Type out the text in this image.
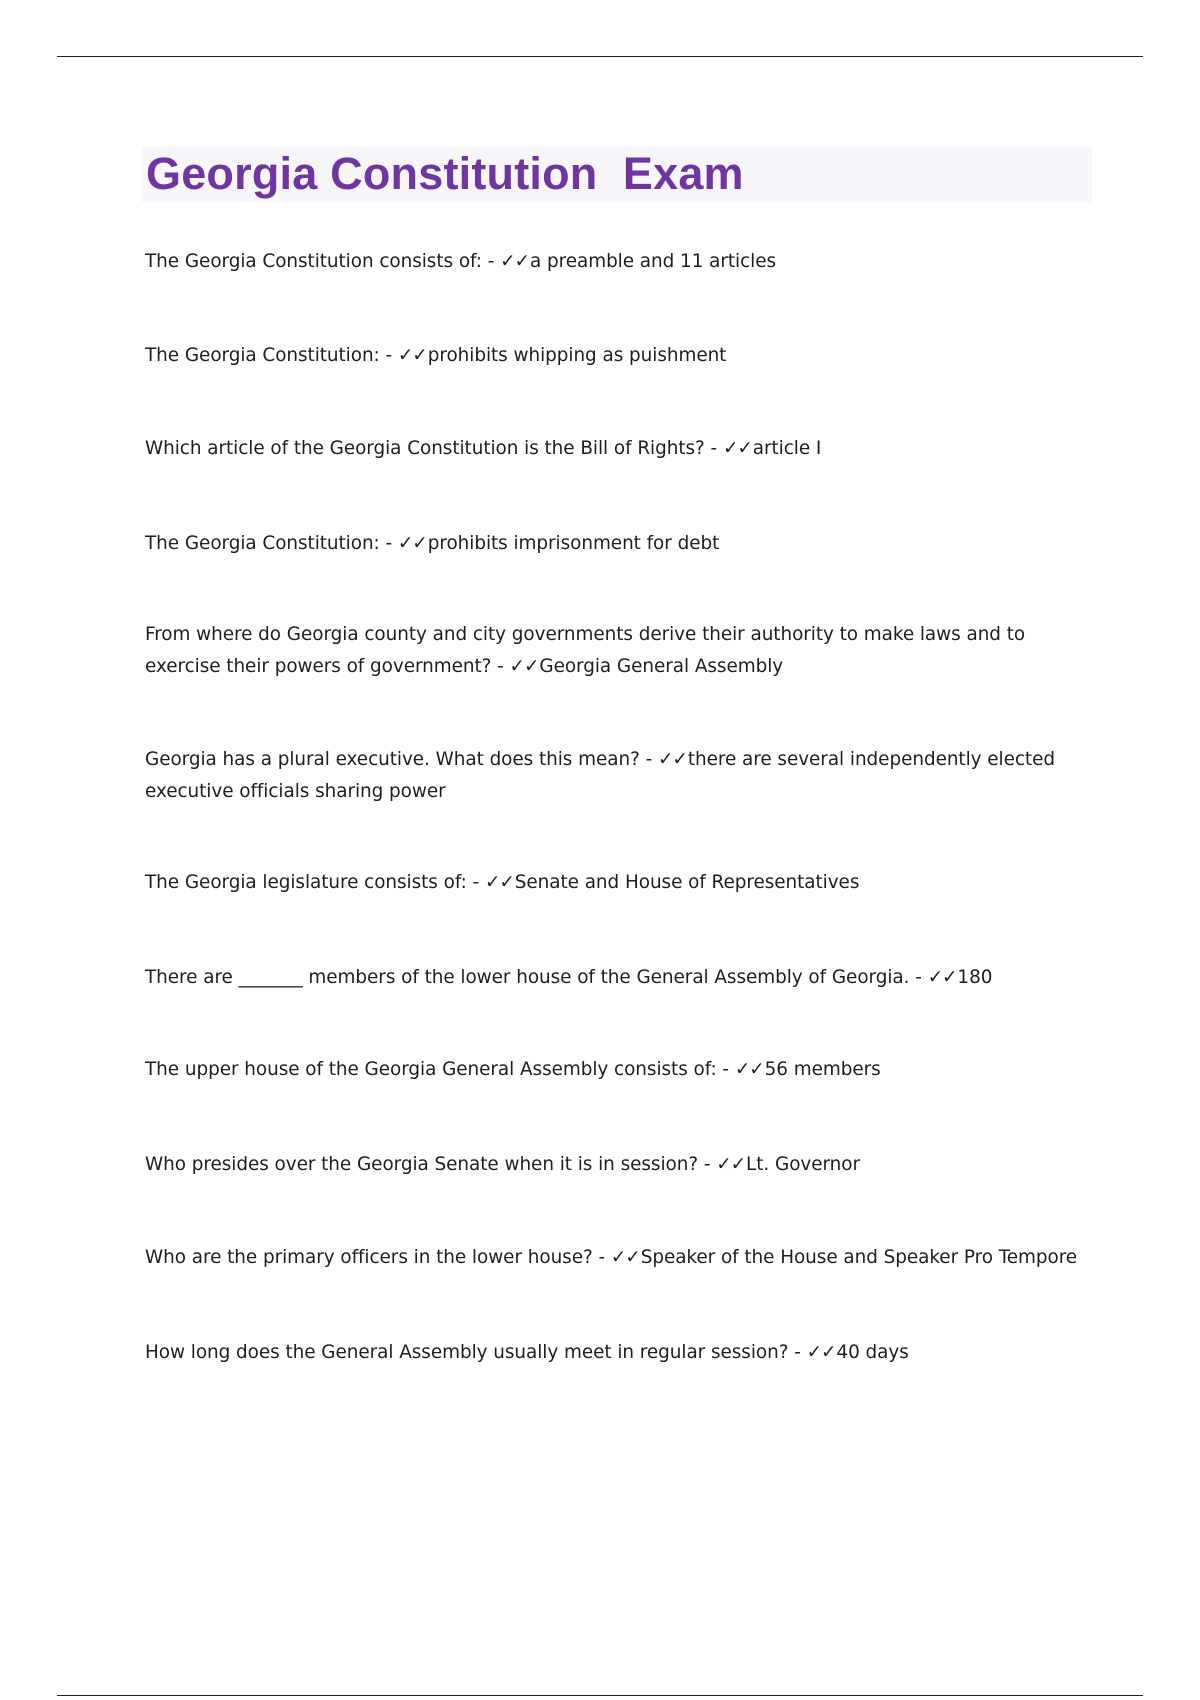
Georgia Constitution  Exam

The Georgia Constitution consists of: - ✓✓a preamble and 11 articles

The Georgia Constitution: - ✓✓prohibits whipping as puishment

Which article of the Georgia Constitution is the Bill of Rights? - ✓✓article I

The Georgia Constitution: - ✓✓prohibits imprisonment for debt

From where do Georgia county and city governments derive their authority to make laws and to exercise their powers of government? - ✓✓Georgia General Assembly

Georgia has a plural executive. What does this mean? - ✓✓there are several independently elected executive officials sharing power

The Georgia legislature consists of: - ✓✓Senate and House of Representatives

There are _______ members of the lower house of the General Assembly of Georgia. - ✓✓180

The upper house of the Georgia General Assembly consists of: - ✓✓56 members

Who presides over the Georgia Senate when it is in session? - ✓✓Lt. Governor

Who are the primary officers in the lower house? - ✓✓Speaker of the House and Speaker Pro Tempore

How long does the General Assembly usually meet in regular session? - ✓✓40 days
